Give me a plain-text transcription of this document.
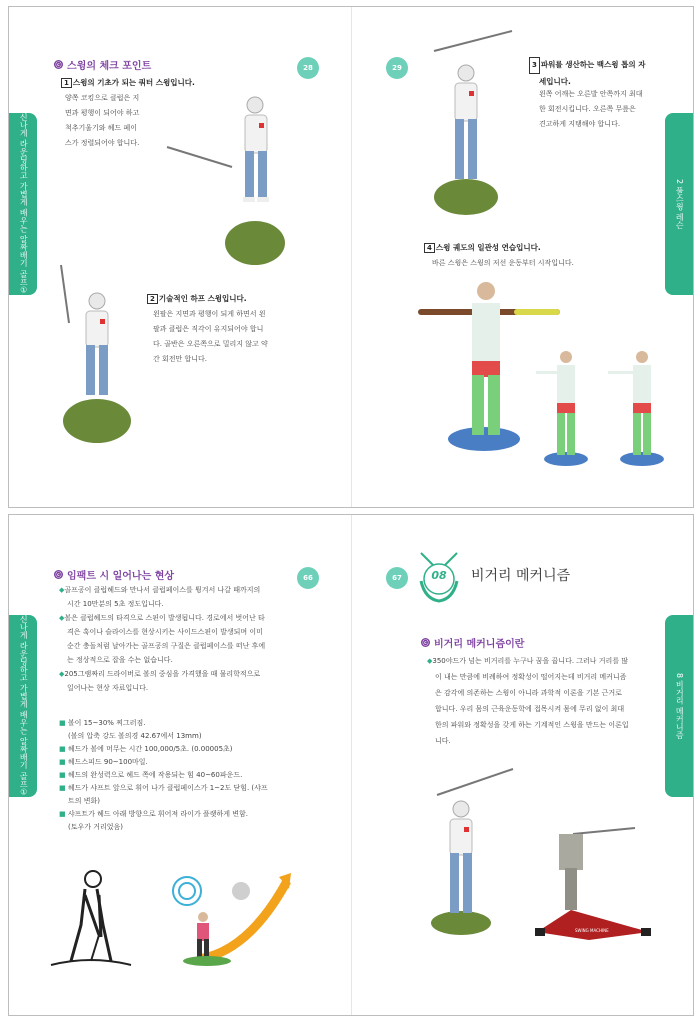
신나게 라운딩하고 가볍게 배우는 알짜배기 골프①	2 풀스윙 레슨
28	29
ⓒ 스윙의 체크 포인트
1 스윙의 기초가 되는 쿼터 스윙입니다.
양쪽 코킹으로 클럽은 지
면과 평행이 되어야 하고
척추기울기와 헤드 페이
스가 정렬되어야 합니다.
2 기술적인 하프 스윙입니다.
왼팔은 지면과 평행이 되게 하면서 왼
팔과 클럽은 직각이 유지되어야 합니
다. 골반은 오른쪽으로 밀리지 않고 약
간 회전만 합니다.
3 파워를 생산하는 백스윙 톱의 자
세입니다.
왼쪽 어깨는 오른발 안쪽까지 최대
한 회전시킵니다. 오른쪽 무릎은
견고하게 지탱해야 합니다.
4 스윙 궤도의 일관성 연습입니다.
바른 스윙은 스윙의 저선 운동부터 시작입니다.
신나게 라운딩하고 가볍게 배우는 알짜배기 골프①	8 비거리 메커니즘
66	67
ⓒ 임팩트 시 일어나는 현상
◆골프공이 클럽헤드와 만나서 클럽페이스를 튕겨서 나갈 때까지의
시간 10만분의 5초 정도입니다.
◆볼은 클럽헤드의 타격으로 스핀이 발생됩니다. 경로에서 벗어난 타
격은 훅이나 슬라이스를 현상시키는 사이드스핀이 발생되며 이미
순간 충돌처럼 날아가는 골프공의 구질은 클럽페이스를 떠난 후에
는 정상적으로 잡을 수는 없습니다.
◆205그램짜리 드라이버로 볼의 중심을 가격했을 때 물리학적으로
일어나는 현상 자료입니다.
■ 볼이 15~30% 찌그러짐.
(볼의 압축 강도 볼의경 42.67에서 13mm)
■ 헤드가 볼에 머무는 시간 100,000/5초. (0.00005초)
■ 헤드스피드 90~100마일.
■ 헤드의 완성력으로 헤드 쪽에 작용되는 힘 40~60파운드.
■ 헤드가 샤프트 앞으로 휘어 나가 클럽페이스가 1~2도 닫힘. (샤프
트의 변화)
■ 샤프트가 헤드 아래 방향으로 휘어져 라이가 플랫하게 변함.
(토우가 거리었음)
08	비거리 메커니즘
ⓒ 비거리 메커니즘이란
◆350야드가 넘는 비거리를 누구나 꿈을 꿉니다. 그러나 거리를 많
이 내는 만큼에 비례하여 정확성이 떨어지는데 비거리 메커니즘
은 감각에 의존하는 스윙이 아니라 과학적 이론을 기본 근거로
합니다. 우리 몸의 근육운동학에 접목시켜 몸에 무리 없이 최대
한의 파워와 정확성을 갖게 하는 기계적인 스윙을 만드는 이론입
니다.
SWING MACHINE
